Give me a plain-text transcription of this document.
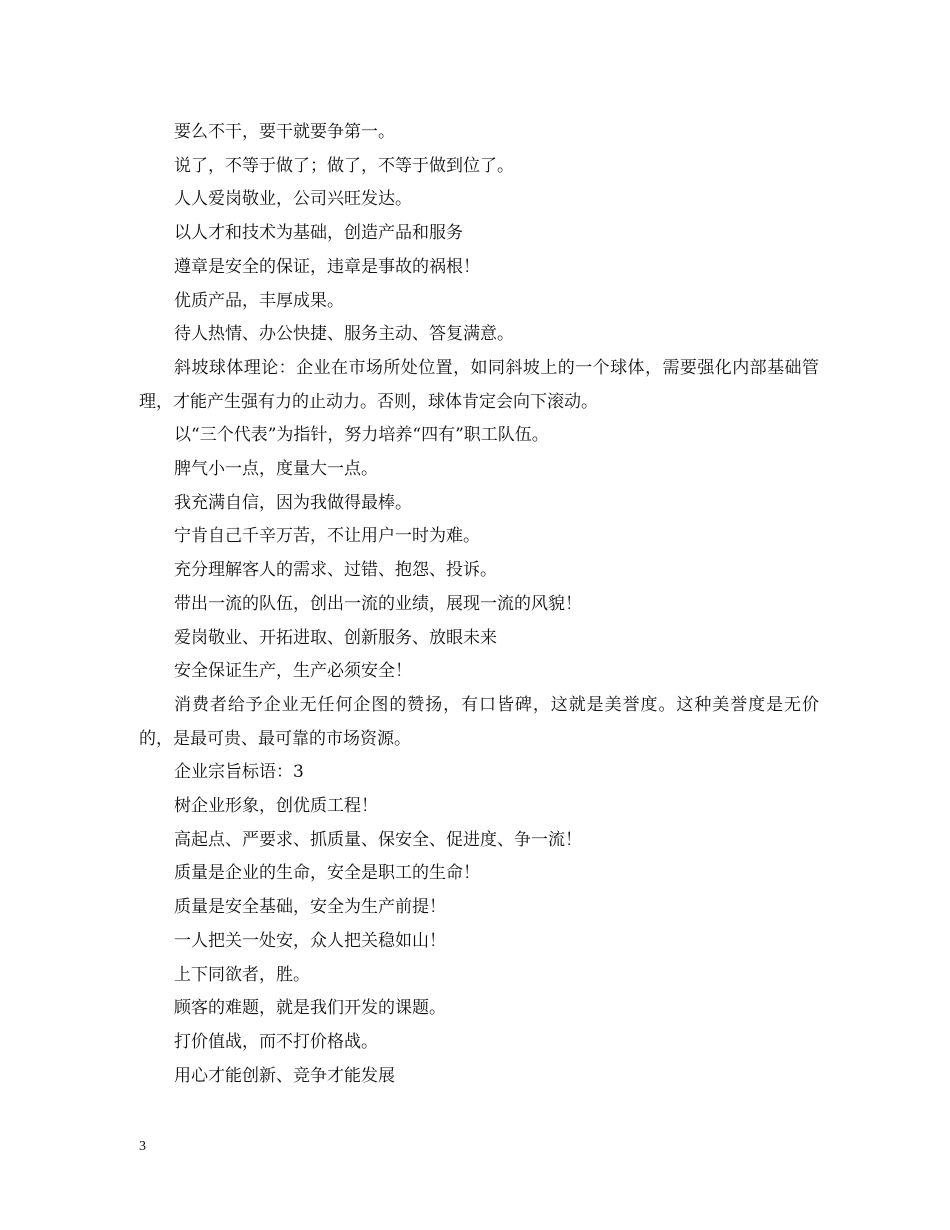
要么不干，要干就要争第一。

说了，不等于做了；做了，不等于做到位了。

人人爱岗敬业，公司兴旺发达。

以人才和技术为基础，创造产品和服务

遵章是安全的保证，违章是事故的祸根！

优质产品，丰厚成果。

待人热情、办公快捷、服务主动、答复满意。

斜坡球体理论：企业在市场所处位置，如同斜坡上的一个球体，需要强化内部基础管理，才能产生强有力的止动力。否则，球体肯定会向下滚动。

以“三个代表”为指针，努力培养“四有”职工队伍。

脾气小一点，度量大一点。

我充满自信，因为我做得最棒。

宁肯自己千辛万苦，不让用户一时为难。

充分理解客人的需求、过错、抱怨、投诉。

带出一流的队伍，创出一流的业绩，展现一流的风貌！

爱岗敬业、开拓进取、创新服务、放眼未来

安全保证生产，生产必须安全！

消费者给予企业无任何企图的赞扬，有口皆碑，这就是美誉度。这种美誉度是无价的，是最可贵、最可靠的市场资源。

企业宗旨标语：3

树企业形象，创优质工程！

高起点、严要求、抓质量、保安全、促进度、争一流！

质量是企业的生命，安全是职工的生命！

质量是安全基础，安全为生产前提！

一人把关一处安，众人把关稳如山！

上下同欲者，胜。

顾客的难题，就是我们开发的课题。

打价值战，而不打价格战。

用心才能创新、竞争才能发展

3
